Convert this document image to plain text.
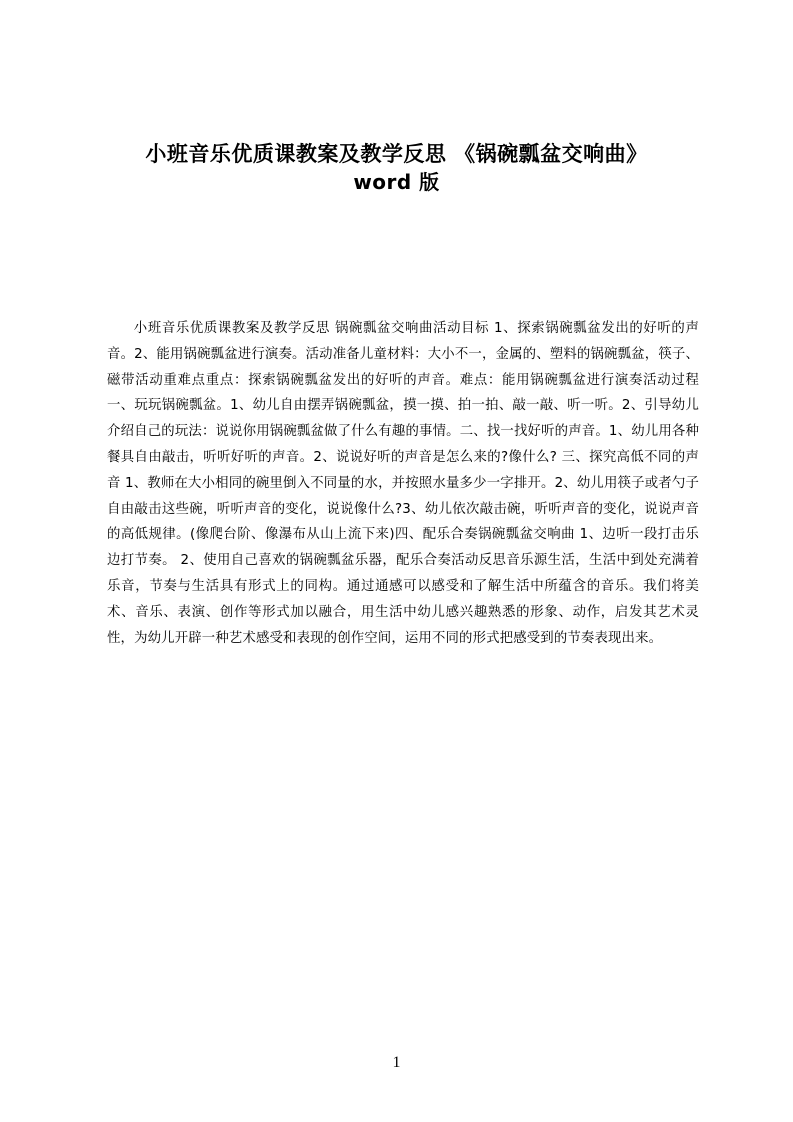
小班音乐优质课教案及教学反思 《锅碗瓢盆交响曲》
word 版
小班音乐优质课教案及教学反思 锅碗瓢盆交响曲活动目标 1、探索锅碗瓢盆发出的好听的声音。2、能用锅碗瓢盆进行演奏。活动准备儿童材料：大小不一，金属的、塑料的锅碗瓢盆，筷子、磁带活动重难点重点：探索锅碗瓢盆发出的好听的声音。难点：能用锅碗瓢盆进行演奏活动过程一、玩玩锅碗瓢盆。1、幼儿自由摆弄锅碗瓢盆，摸一摸、拍一拍、敲一敲、听一听。2、引导幼儿介绍自己的玩法：说说你用锅碗瓢盆做了什么有趣的事情。二、找一找好听的声音。1、幼儿用各种餐具自由敲击，听听好听的声音。2、说说好听的声音是怎么来的?像什么? 三、探究高低不同的声音 1、教师在大小相同的碗里倒入不同量的水，并按照水量多少一字排开。2、幼儿用筷子或者勺子自由敲击这些碗，听听声音的变化，说说像什么?3、幼儿依次敲击碗，听听声音的变化，说说声音的高低规律。(像爬台阶、像瀑布从山上流下来)四、配乐合奏锅碗瓢盆交响曲 1、边听一段打击乐边打节奏。 2、使用自己喜欢的锅碗瓢盆乐器，配乐合奏活动反思音乐源生活，生活中到处充满着乐音，节奏与生活具有形式上的同构。通过通感可以感受和了解生活中所蕴含的音乐。我们将美术、音乐、表演、创作等形式加以融合，用生活中幼儿感兴趣熟悉的形象、动作，启发其艺术灵性，为幼儿开辟一种艺术感受和表现的创作空间，运用不同的形式把感受到的节奏表现出来。
1
